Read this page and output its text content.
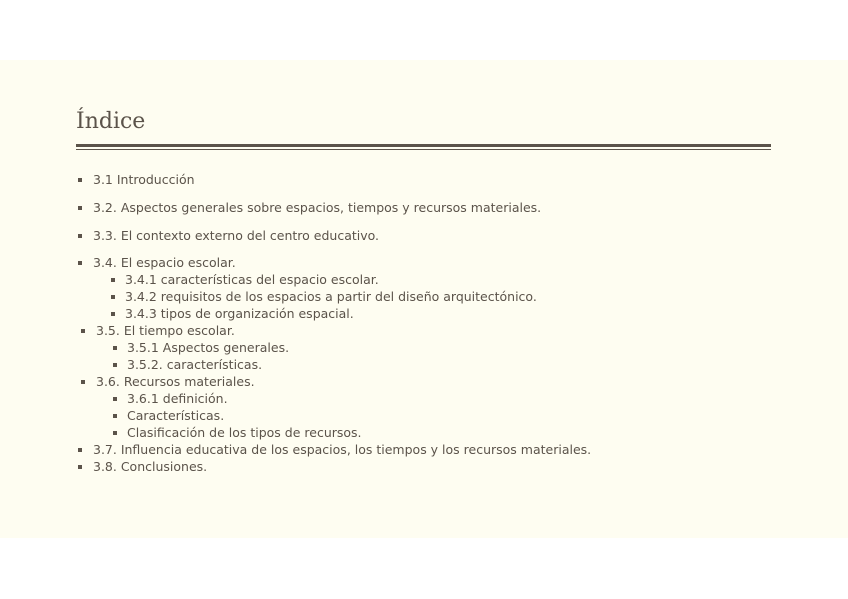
Índice
3.1 Introducción
3.2. Aspectos generales sobre espacios, tiempos y recursos materiales.
3.3. El contexto externo del centro educativo.
3.4. El espacio escolar.
3.4.1 características del espacio escolar.
3.4.2 requisitos de los espacios a partir del diseño arquitectónico.
3.4.3 tipos de organización espacial.
3.5. El tiempo escolar.
3.5.1 Aspectos generales.
3.5.2. características.
3.6. Recursos materiales.
3.6.1 definición.
Características.
Clasificación de los tipos de recursos.
3.7. Influencia educativa de los espacios, los tiempos y los recursos materiales.
3.8. Conclusiones.
